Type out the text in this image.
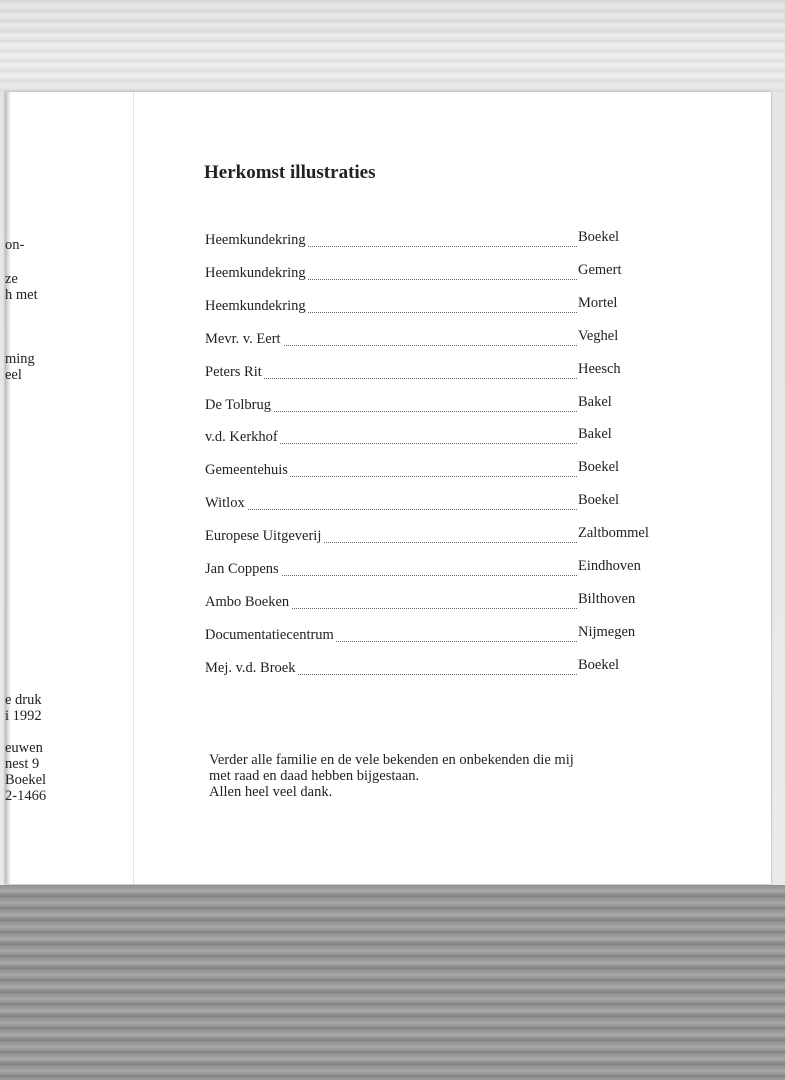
on-
ze
h met
ming
eel
e druk
i 1992
euwen
nest 9
Boekel
2-1466
Herkomst illustraties
Heemkundekring	Boekel
Heemkundekring	Gemert
Heemkundekring	Mortel
Mevr. v. Eert	Veghel
Peters Rit	Heesch
De Tolbrug	Bakel
v.d. Kerkhof	Bakel
Gemeentehuis	Boekel
Witlox	Boekel
Europese Uitgeverij	Zaltbommel
Jan Coppens	Eindhoven
Ambo Boeken	Bilthoven
Documentatiecentrum	Nijmegen
Mej. v.d. Broek	Boekel
Verder alle familie en de vele bekenden en onbekenden die mij
met raad en daad hebben bijgestaan.
Allen heel veel dank.
